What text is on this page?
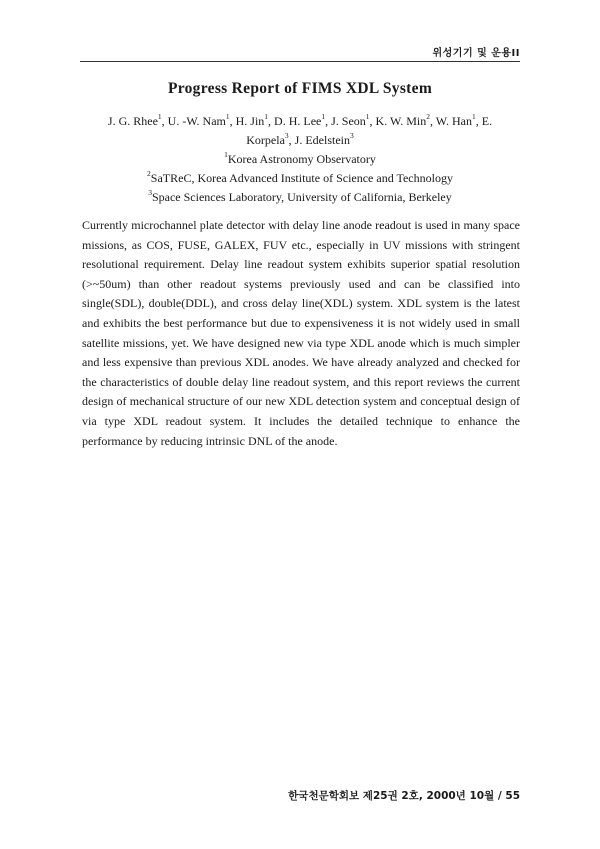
위성기기 및 운용II
Progress Report of FIMS XDL System
J. G. Rhee$^1$, U. -W. Nam$^1$, H. Jin$^1$, D. H. Lee$^1$, J. Seon$^1$, K. W. Min$^2$, W. Han$^1$, E. Korpela$^3$, J. Edelstein$^3$
$^1$Korea Astronomy Observatory
$^2$SaTReC, Korea Advanced Institute of Science and Technology
$^3$Space Sciences Laboratory, University of California, Berkeley

Currently microchannel plate detector with delay line anode readout is used in many space missions, as COS, FUSE, GALEX, FUV etc., especially in UV missions with stringent resolutional requirement. Delay line readout system exhibits superior spatial resolution (>~50um) than other readout systems previously used and can be classified into single(SDL), double(DDL), and cross delay line(XDL) system. XDL system is the latest and exhibits the best performance but due to expensiveness it is not widely used in small satellite missions, yet. We have designed new via type XDL anode which is much simpler and less expensive than previous XDL anodes. We have already analyzed and checked for the characteristics of double delay line readout system, and this report reviews the current design of mechanical structure of our new XDL detection system and conceptual design of via type XDL readout system. It includes the detailed technique to enhance the performance by reducing intrinsic DNL of the anode.

한국천문학회보 제25권 2호, 2000년 10월 / 55
